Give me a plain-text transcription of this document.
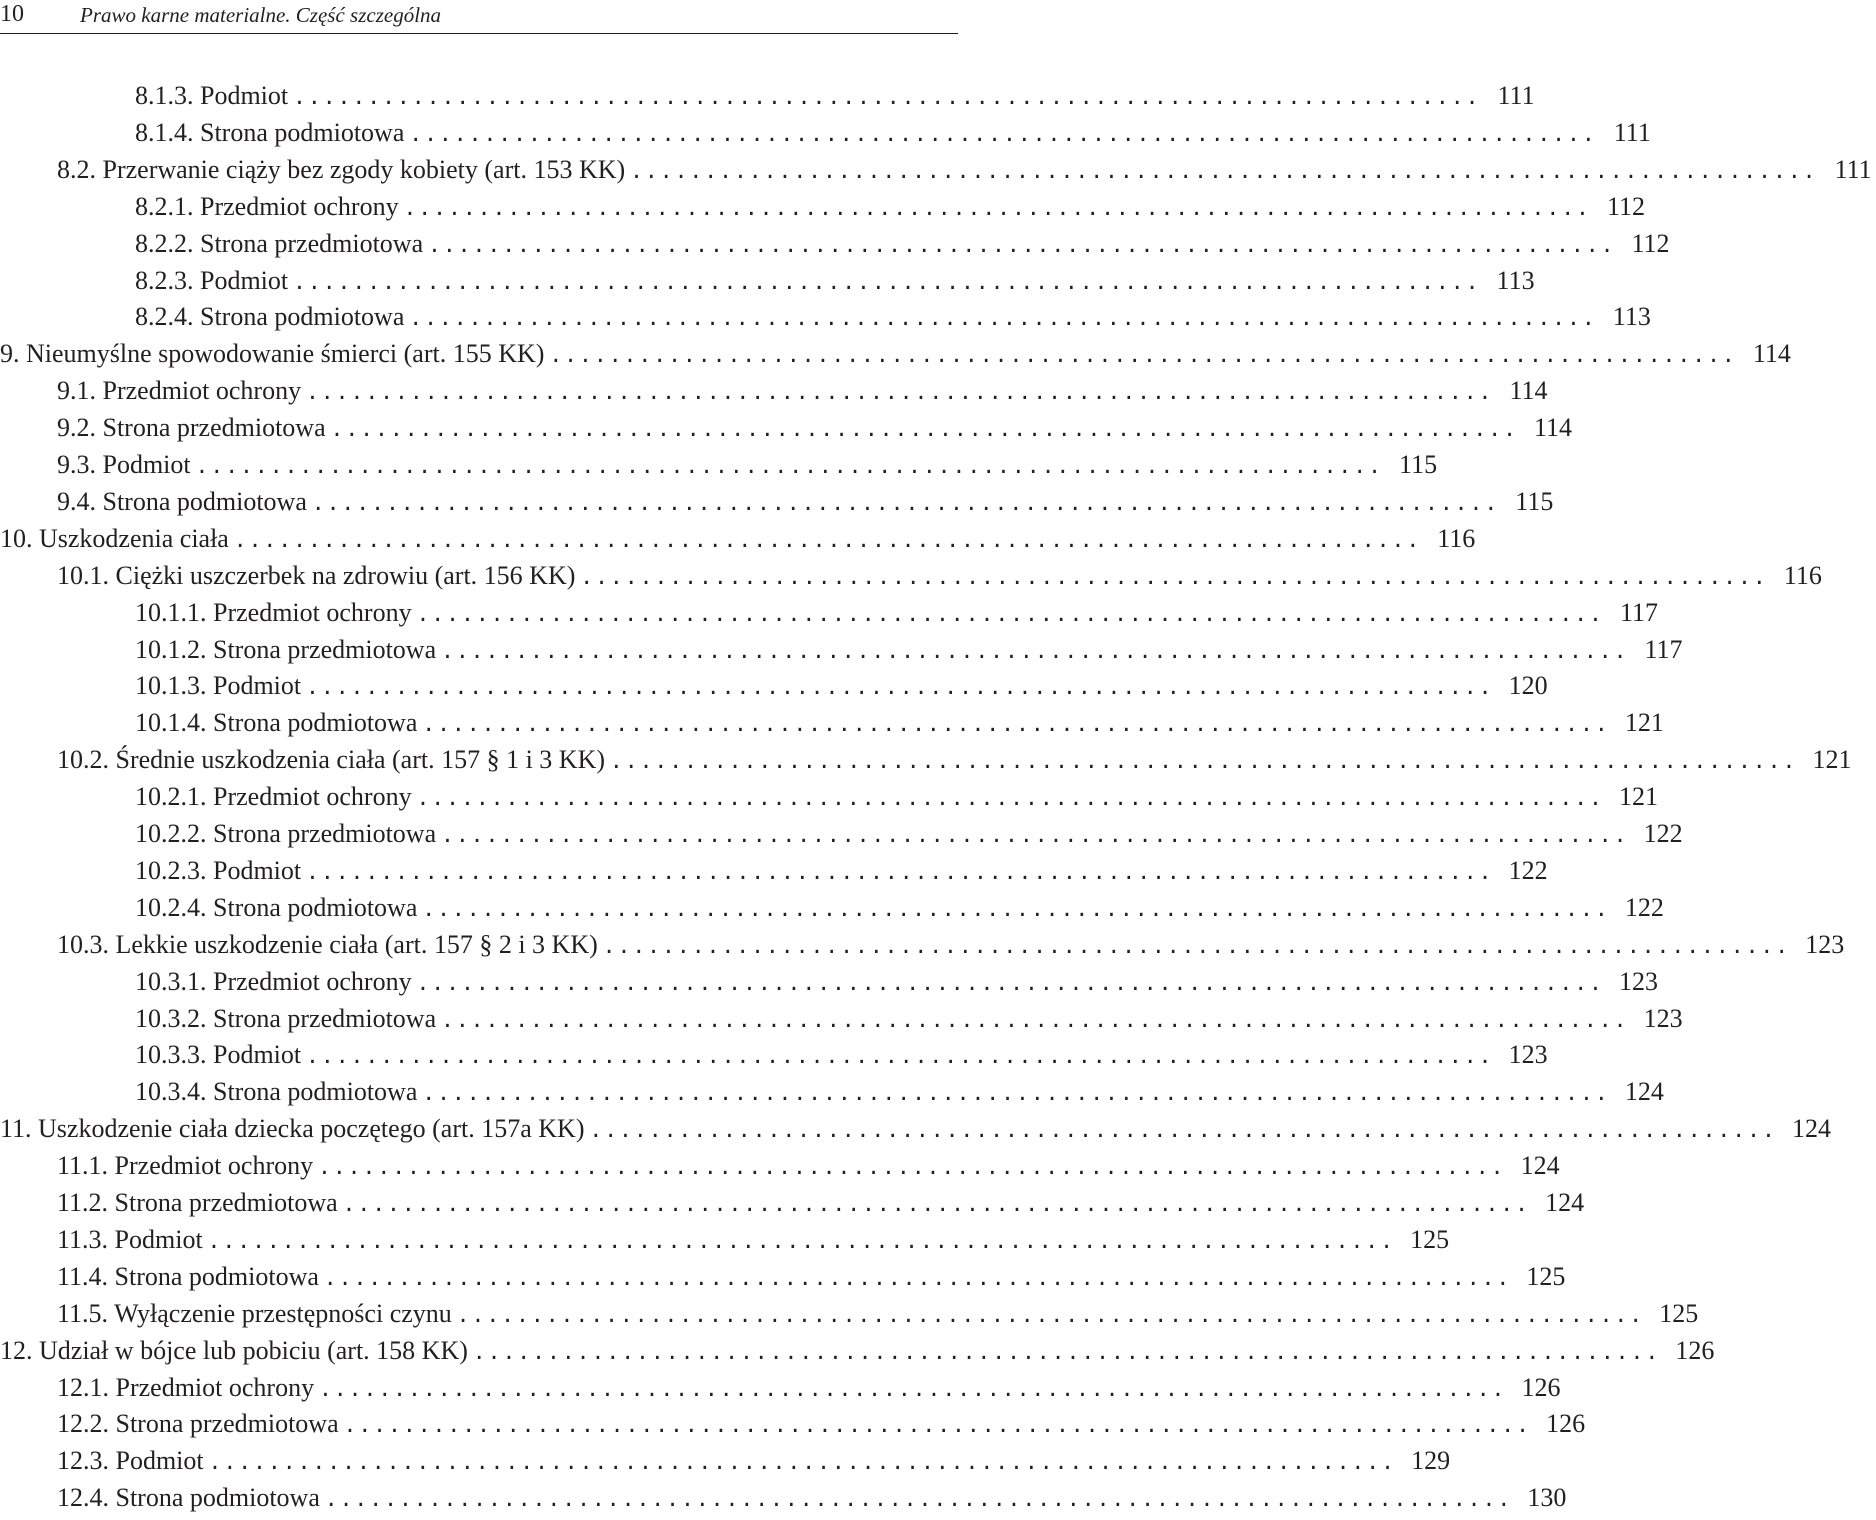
10	Prawo karne materialne. Część szczególna
8.1.3. Podmiot ................................................................................ 111
8.1.4. Strona podmiotowa ................................................................................ 111
8.2. Przerwanie ciąży bez zgody kobiety (art. 153 KK) ................................................................................ 111
8.2.1. Przedmiot ochrony ................................................................................ 112
8.2.2. Strona przedmiotowa ................................................................................ 112
8.2.3. Podmiot ................................................................................ 113
8.2.4. Strona podmiotowa ................................................................................ 113
9. Nieumyślne spowodowanie śmierci (art. 155 KK) ................................................................................ 114
9.1. Przedmiot ochrony ................................................................................ 114
9.2. Strona przedmiotowa ................................................................................ 114
9.3. Podmiot ................................................................................ 115
9.4. Strona podmiotowa ................................................................................ 115
10. Uszkodzenia ciała ................................................................................ 116
10.1. Ciężki uszczerbek na zdrowiu (art. 156 KK) ................................................................................ 116
10.1.1. Przedmiot ochrony ................................................................................ 117
10.1.2. Strona przedmiotowa ................................................................................ 117
10.1.3. Podmiot ................................................................................ 120
10.1.4. Strona podmiotowa ................................................................................ 121
10.2. Średnie uszkodzenia ciała (art. 157 § 1 i 3 KK) ................................................................................ 121
10.2.1. Przedmiot ochrony ................................................................................ 121
10.2.2. Strona przedmiotowa ................................................................................ 122
10.2.3. Podmiot ................................................................................ 122
10.2.4. Strona podmiotowa ................................................................................ 122
10.3. Lekkie uszkodzenie ciała (art. 157 § 2 i 3 KK) ................................................................................ 123
10.3.1. Przedmiot ochrony ................................................................................ 123
10.3.2. Strona przedmiotowa ................................................................................ 123
10.3.3. Podmiot ................................................................................ 123
10.3.4. Strona podmiotowa ................................................................................ 124
11. Uszkodzenie ciała dziecka poczętego (art. 157a KK) ................................................................................ 124
11.1. Przedmiot ochrony ................................................................................ 124
11.2. Strona przedmiotowa ................................................................................ 124
11.3. Podmiot ................................................................................ 125
11.4. Strona podmiotowa ................................................................................ 125
11.5. Wyłączenie przestępności czynu ................................................................................ 125
12. Udział w bójce lub pobiciu (art. 158 KK) ................................................................................ 126
12.1. Przedmiot ochrony ................................................................................ 126
12.2. Strona przedmiotowa ................................................................................ 126
12.3. Podmiot ................................................................................ 129
12.4. Strona podmiotowa ................................................................................ 130
